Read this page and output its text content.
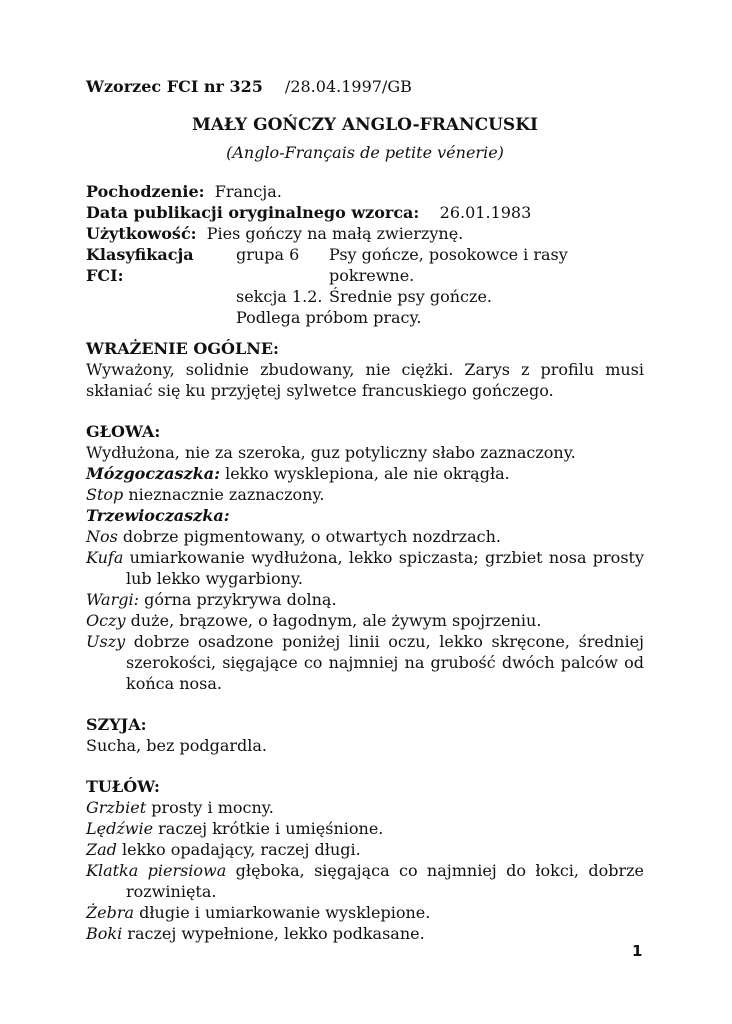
Wzorzec FCI nr 325 /28.04.1997/GB
MAŁY GOŃCZY ANGLO-FRANCUSKI
(Anglo-Français de petite vénerie)
Pochodzenie: Francja.
Data publikacji oryginalnego wzorca: 26.01.1983
Użytkowość: Pies gończy na małą zwierzynę.
Klasyfikacja FCI:
grupa 6	Psy gończe, posokowce i rasy pokrewne.
sekcja 1.2. Średnie psy gończe.
Podlega próbom pracy.
WRAŻENIE OGÓLNE:
Wyważony, solidnie zbudowany, nie ciężki. Zarys z profilu musi skłaniać się ku przyjętej sylwetce francuskiego gończego.
GŁOWA:
Wydłużona, nie za szeroka, guz potyliczny słabo zaznaczony.
Mózgoczaszka: lekko wysklepiona, ale nie okrągła.
Stop nieznacznie zaznaczony.
Trzewioczaszka:
Nos dobrze pigmentowany, o otwartych nozdrzach.
Kufa umiarkowanie wydłużona, lekko spiczasta; grzbiet nosa prosty lub lekko wygarbiony.
Wargi: górna przykrywa dolną.
Oczy duże, brązowe, o łagodnym, ale żywym spojrzeniu.
Uszy dobrze osadzone poniżej linii oczu, lekko skręcone, średniej szerokości, sięgające co najmniej na grubość dwóch palców od końca nosa.
SZYJA:
Sucha, bez podgardla.
TUŁÓW:
Grzbiet prosty i mocny.
Lędźwie raczej krótkie i umięśnione.
Zad lekko opadający, raczej długi.
Klatka piersiowa głęboka, sięgająca co najmniej do łokci, dobrze rozwinięta.
Żebra długie i umiarkowanie wysklepione.
Boki raczej wypełnione, lekko podkasane.
1
